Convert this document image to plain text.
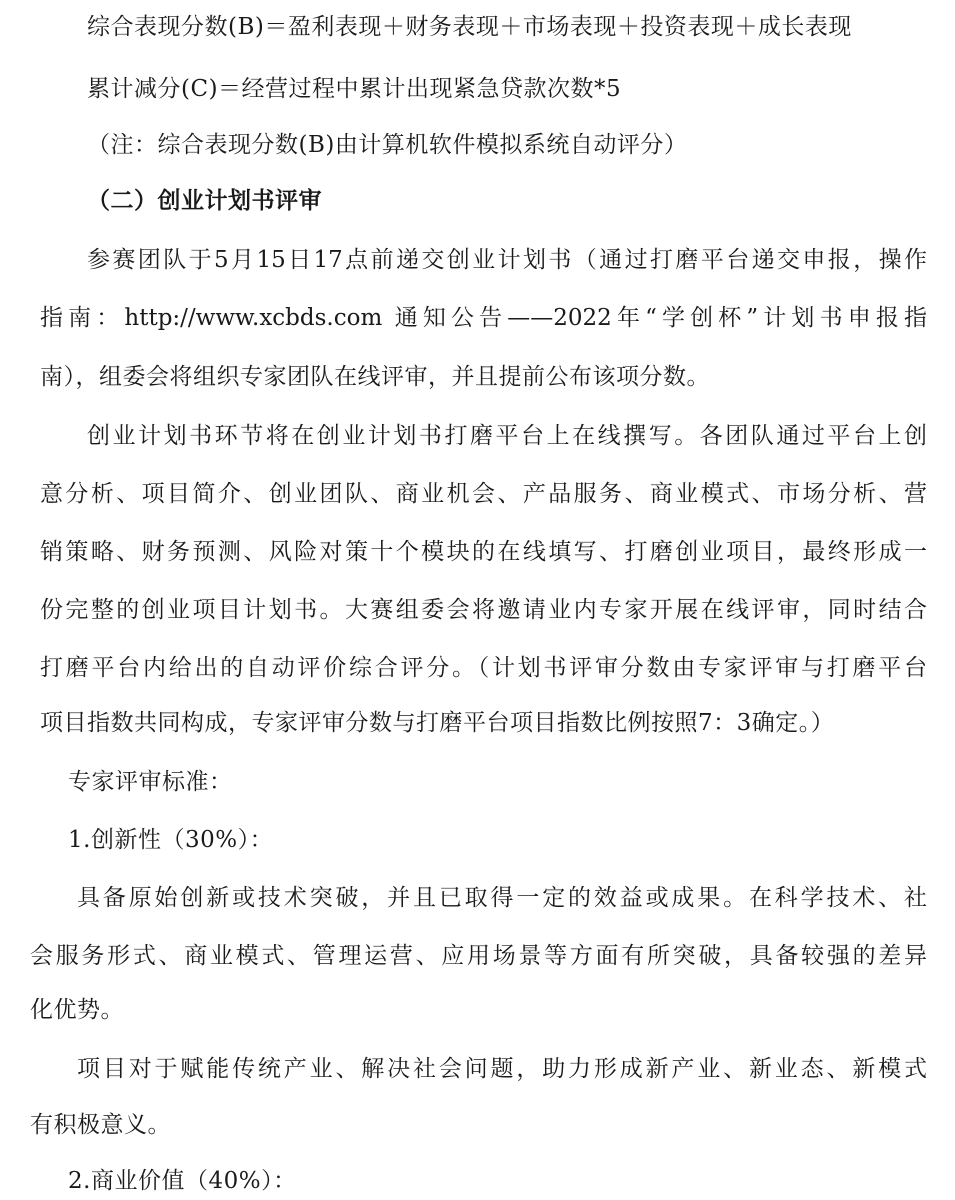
综合表现分数(B)＝盈利表现＋财务表现＋市场表现＋投资表现＋成长表现
累计减分(C)＝经营过程中累计出现紧急贷款次数*5
（注：综合表现分数(B)由计算机软件模拟系统自动评分）
（二）创业计划书评审
参赛团队于5月15日17点前递交创业计划书（通过打磨平台递交申报，操作
指南：http://www.xcbds.com 通知公告——2022年“学创杯”计划书申报指
南），组委会将组织专家团队在线评审，并且提前公布该项分数。
创业计划书环节将在创业计划书打磨平台上在线撰写。各团队通过平台上创
意分析、项目简介、创业团队、商业机会、产品服务、商业模式、市场分析、营
销策略、财务预测、风险对策十个模块的在线填写、打磨创业项目，最终形成一
份完整的创业项目计划书。大赛组委会将邀请业内专家开展在线评审，同时结合
打磨平台内给出的自动评价综合评分。（计划书评审分数由专家评审与打磨平台
项目指数共同构成，专家评审分数与打磨平台项目指数比例按照7：3确定。）
专家评审标准：
1.创新性（30%）：
具备原始创新或技术突破，并且已取得一定的效益或成果。在科学技术、社
会服务形式、商业模式、管理运营、应用场景等方面有所突破，具备较强的差异
化优势。
项目对于赋能传统产业、解决社会问题，助力形成新产业、新业态、新模式
有积极意义。
2.商业价值（40%）：
